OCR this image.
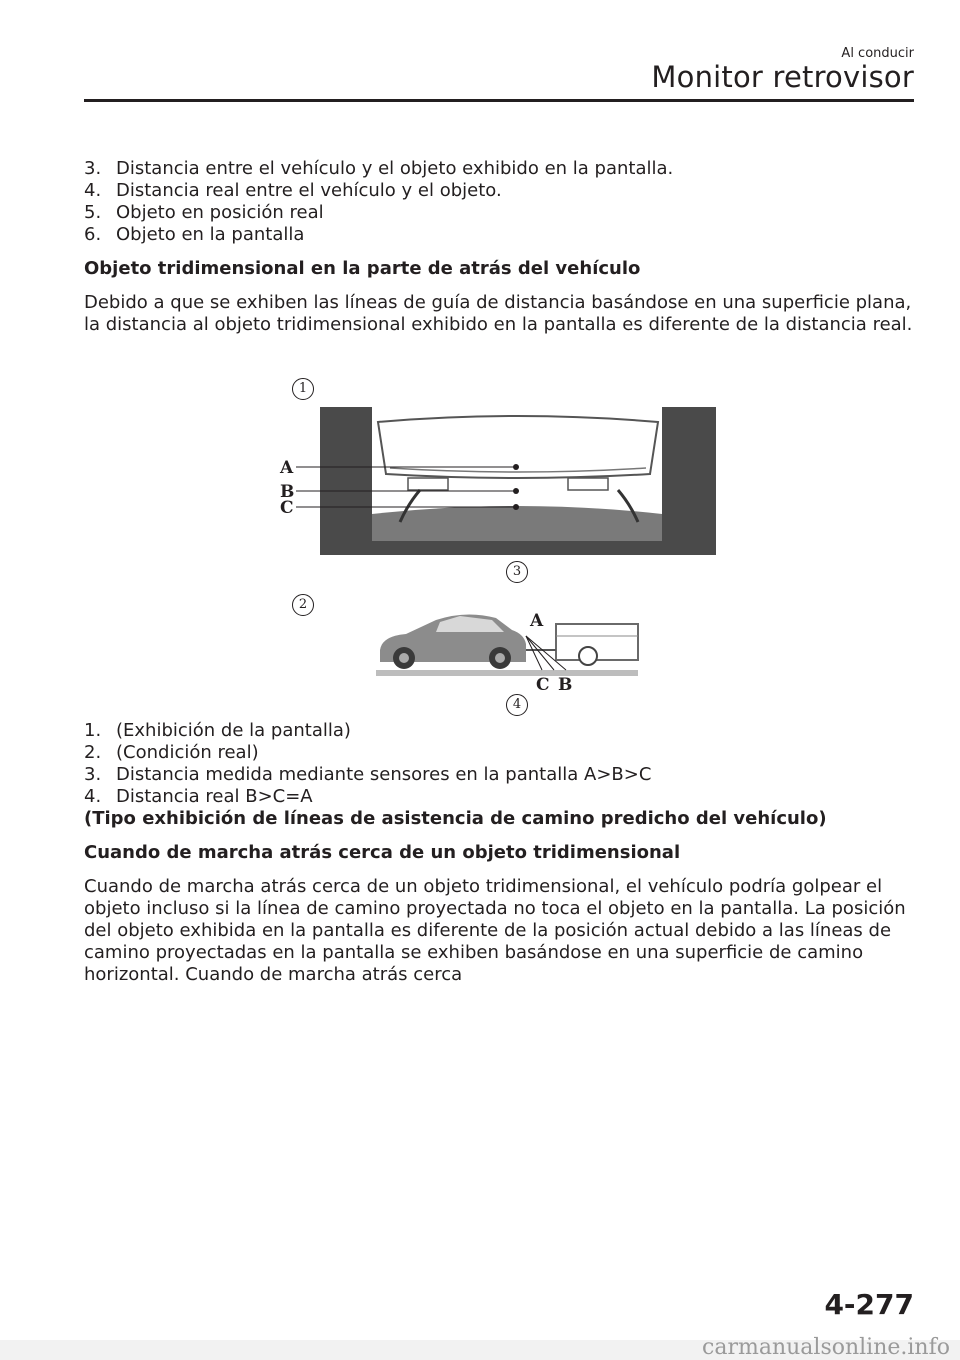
Al conducir
Monitor retrovisor
3. Distancia entre el vehículo y el objeto exhibido en la pantalla.
4. Distancia real entre el vehículo y el objeto.
5. Objeto en posición real
6. Objeto en la pantalla

Objeto tridimensional en la parte de atrás del vehículo

Debido a que se exhiben las líneas de guía de distancia basándose en una superficie plana, la distancia al objeto tridimensional exhibido en la pantalla es diferente de la distancia real.

1
A
B
C
3
2
A
C B
4
1. (Exhibición de la pantalla)
2. (Condición real)
3. Distancia medida mediante sensores en la pantalla A>B>C
4. Distancia real B>C=A

(Tipo exhibición de líneas de asistencia de camino predicho del vehículo)

Cuando de marcha atrás cerca de un objeto tridimensional

Cuando de marcha atrás cerca de un objeto tridimensional, el vehículo podría golpear el objeto incluso si la línea de camino proyectada no toca el objeto en la pantalla. La posición del objeto exhibida en la pantalla es diferente de la posición actual debido a las líneas de camino proyectadas en la pantalla se exhiben basándose en una superficie de camino horizontal. Cuando de marcha atrás cerca

4-277
carmanualsonline.info
